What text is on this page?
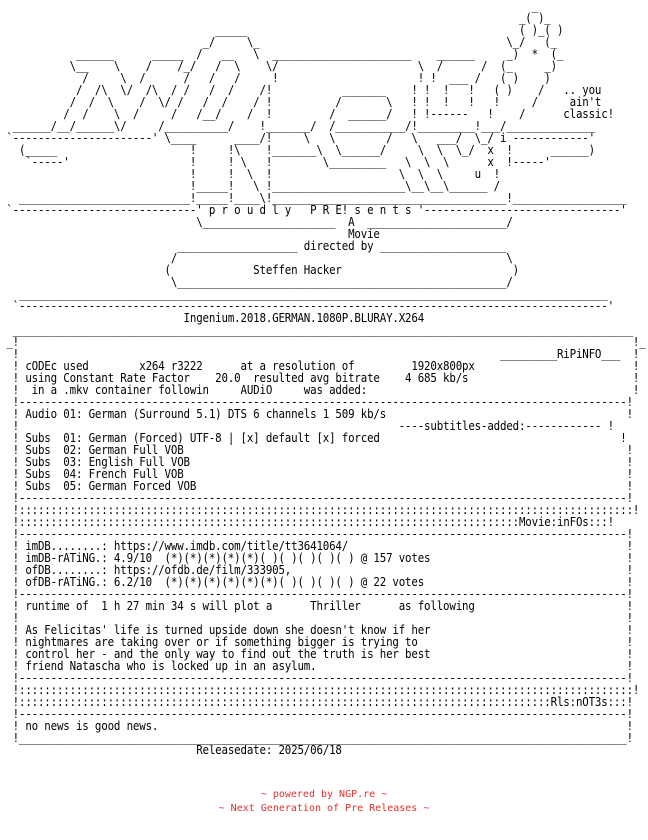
_
_( )_
_____                                           ( )_( )
_/     \_                                       \_/   (_
______      _____  /   __   \  ______________________    ______     _)  *  (_
\__    \    /    /_/   /  \    \/                      \  /      /  (_     _)
/     \  /      /   /   /     !                      ! !  ___ /   ( )    )
/  /\  \/  /\  / /   /  /    /!           _______    ! !  !   !   ( )    /   .. you
/  /  \    /  \/ /   /  /    / !          /       \   ! !  !   !   !     /     ain't
/  /    \  /     /   /__/    /  !         /  ______/   ! !------   !    /      classic!
______/__/______\/     /__________/    !_______/  /___________/!_________!___/______________
`----------------------' \____      ____/!     \   \        /   \   ___/  \_/ i ------------'
(_____                     !     !\    !_______\  \______/     \  \  \_/  x  !      ______)
`-----'                   !     ! \   !        \_________   \  \  \      x  !-----'
!     !  \  !                    \  \  \     u  !
!_____!   \ !_____________________\__\__\______ /
___________________________!_____!____\!_____________________________________!__________________
`-----------------------------' p r o u d l y   P R E! s e n t s '-------------------------------'
\_____________________  A  ______________________/
Movie
___________________ directed by ____________________
/                                                    \
(             Steffen Hacker                           )
\____________________________________________________/
_____________________________________________________________________________________________
`---------------------------------------------------------------------------------------------'
Ingenium.2018.GERMAN.1080P.BLURAY.X264
__________________________________________________________________________________________________
_!                                                                                                 !_
!                                                                            _________RiPiNFO___  !
! cODEc used        x264 r3222      at a resolution of         1920x800px                         !
! using Constant Rate Factor    20.0  resulted avg bitrate    4 685 kb/s                          !
!  in a .mkv container followin     AUDiO     was added:                                          !
!------------------------------------------------------------------------------------------------!
! Audio 01: German (Surround 5.1) DTS 6 channels 1 509 kb/s                                      !
!                                                            ----subtitles-added:------------ !
! Subs  01: German (Forced) UTF-8 | [x] default [x] forced                                      !
! Subs  02: German Full VOB                                                                      !
! Subs  03: English Full VOB                                                                     !
! Subs  04: French Full VOB                                                                      !
! Subs  05: German Forced VOB                                                                    !
!------------------------------------------------------------------------------------------------!
!:::::::::::::::::::::::::::::::::::::::::::::::::::::::::::::::::::::::::::::::::::::::::::::::::!
!:::::::::::::::::::::::::::::::::::::::::::::::::::::::::::::::::::::::::::::::Movie:inFOs:::!
!------------------------------------------------------------------------------------------------!
! imDB........: https://www.imdb.com/title/tt3641064/                                            !
! imDB-rATiNG.: 4.9/10  (*)(*)(*)(*)(*)( )( )( )( )( ) @ 157 votes                               !
! ofDB........: https://ofdb.de/film/333905,                                                     !
! ofDB-rATiNG.: 6.2/10  (*)(*)(*)(*)(*)(*)( )( )( )( ) @ 22 votes                                !
!------------------------------------------------------------------------------------------------!
! runtime of  1 h 27 min 34 s will plot a      Thriller      as following                        !
!                                                                                                !
! As Felicitas' life is turned upside down she doesn't know if her                               !
! nightmares are taking over or if something bigger is trying to                                 !
! control her - and the only way to find out the truth is her best                               !
! friend Natascha who is locked up in an asylum.                                                 !
!------------------------------------------------------------------------------------------------!
!:::::::::::::::::::::::::::::::::::::::::::::::::::::::::::::::::::::::::::::::::::::::::::::::::!
!::::::::::::::::::::::::::::::::::::::::::::::::::::::::::::::::::::::::::::::::::::Rls:nOT3s:::!
!------------------------------------------------------------------------------------------------!
! no news is good news.                                                                          !
!________________________________________________________________________________________________!
Releasedate: 2025/06/18
~ powered by NGP.re ~
~ Next Generation of Pre Releases ~
